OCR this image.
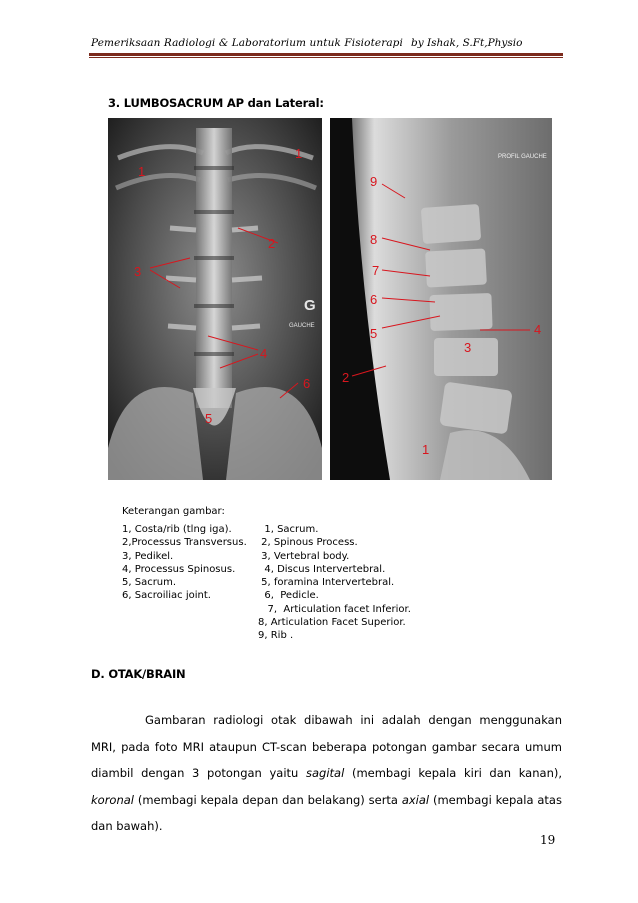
Pemeriksaan Radiologi & Laboratorium untuk Fisioterapi by Ishak, S.Ft,Physio
3. LUMBOSACRUM AP dan Lateral:
1
1
2
3
4
5
6
G
GAUCHE
9
8
7
6
5
2
3
4
1
PROFIL GAUCHE
Keterangan gambar:
1, Costa/rib (tlng iga).
2,Processus Transversus.
3, Pedikel.
4, Processus Spinosus.
5, Sacrum.
6, Sacroiliac joint.
1, Sacrum.
2, Spinous Process.
3, Vertebral body.
4, Discus Intervertebral.
5, foramina Intervertebral.
6,  Pedicle.
7,  Articulation facet Inferior.
8, Articulation Facet Superior.
9, Rib .
D. OTAK/BRAIN
Gambaran radiologi otak dibawah ini adalah dengan menggunakan MRI, pada foto MRI ataupun CT-scan beberapa potongan gambar secara umum diambil dengan 3 potongan yaitu sagital (membagi kepala kiri dan kanan), koronal (membagi kepala depan dan belakang) serta axial (membagi kepala atas dan bawah).
19
